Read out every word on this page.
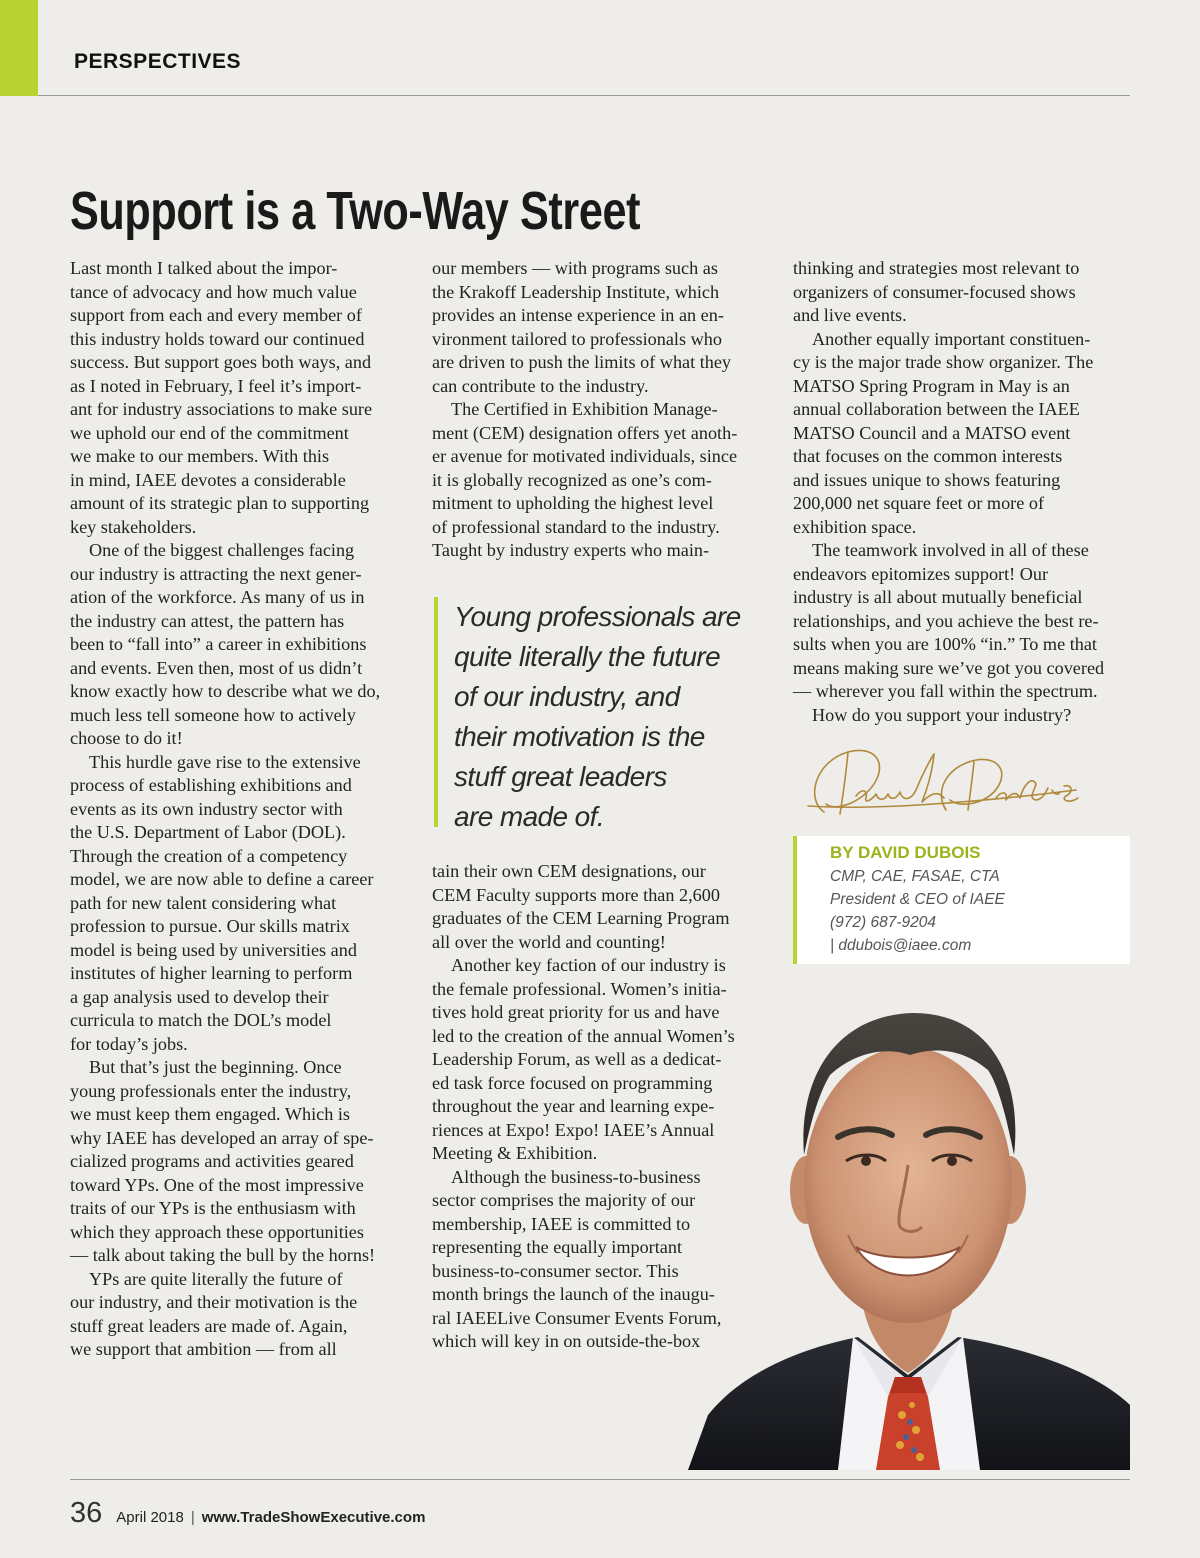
PERSPECTIVES
Support is a Two-Way Street
Last month I talked about the impor-
tance of advocacy and how much value
support from each and every member of
this industry holds toward our continued
success. But support goes both ways, and
as I noted in February, I feel it’s import-
ant for industry associations to make sure
we uphold our end of the commitment
we make to our members. With this
in mind, IAEE devotes a considerable
amount of its strategic plan to supporting
key stakeholders.
One of the biggest challenges facing
our industry is attracting the next gener-
ation of the workforce. As many of us in
the industry can attest, the pattern has
been to “fall into” a career in exhibitions
and events. Even then, most of us didn’t
know exactly how to describe what we do,
much less tell someone how to actively
choose to do it!
This hurdle gave rise to the extensive
process of establishing exhibitions and
events as its own industry sector with
the U.S. Department of Labor (DOL).
Through the creation of a competency
model, we are now able to define a career
path for new talent considering what
profession to pursue. Our skills matrix
model is being used by universities and
institutes of higher learning to perform
a gap analysis used to develop their
curricula to match the DOL’s model
for today’s jobs.
But that’s just the beginning. Once
young professionals enter the industry,
we must keep them engaged. Which is
why IAEE has developed an array of spe-
cialized programs and activities geared
toward YPs. One of the most impressive
traits of our YPs is the enthusiasm with
which they approach these opportunities
— talk about taking the bull by the horns!
YPs are quite literally the future of
our industry, and their motivation is the
stuff great leaders are made of. Again,
we support that ambition — from all
our members — with programs such as
the Krakoff Leadership Institute, which
provides an intense experience in an en-
vironment tailored to professionals who
are driven to push the limits of what they
can contribute to the industry.
The Certified in Exhibition Manage-
ment (CEM) designation offers yet anoth-
er avenue for motivated individuals, since
it is globally recognized as one’s com-
mitment to upholding the highest level
of professional standard to the industry.
Taught by industry experts who main-
tain their own CEM designations, our
CEM Faculty supports more than 2,600
graduates of the CEM Learning Program
all over the world and counting!
Another key faction of our industry is
the female professional. Women’s initia-
tives hold great priority for us and have
led to the creation of the annual Women’s
Leadership Forum, as well as a dedicat-
ed task force focused on programming
throughout the year and learning expe-
riences at Expo! Expo! IAEE’s Annual
Meeting & Exhibition.
Although the business-to-business
sector comprises the majority of our
membership, IAEE is committed to
representing the equally important
business-to-consumer sector. This
month brings the launch of the inaugu-
ral IAEELive Consumer Events Forum,
which will key in on outside-the-box
thinking and strategies most relevant to
organizers of consumer-focused shows
and live events.
Another equally important constituen-
cy is the major trade show organizer. The
MATSO Spring Program in May is an
annual collaboration between the IAEE
MATSO Council and a MATSO event
that focuses on the common interests
and issues unique to shows featuring
200,000 net square feet or more of
exhibition space.
The teamwork involved in all of these
endeavors epitomizes support! Our
industry is all about mutually beneficial
relationships, and you achieve the best re-
sults when you are 100% “in.” To me that
means making sure we’ve got you covered
— wherever you fall within the spectrum.
How do you support your industry?
Young professionals are
quite literally the future
of our industry, and
their motivation is the
stuff great leaders
are made of.
BY DAVID DUBOIS
CMP, CAE, FASAE, CTA
President & CEO of IAEE
(972) 687-9204
| ddubois@iaee.com
36 April 2018 | www.TradeShowExecutive.com
